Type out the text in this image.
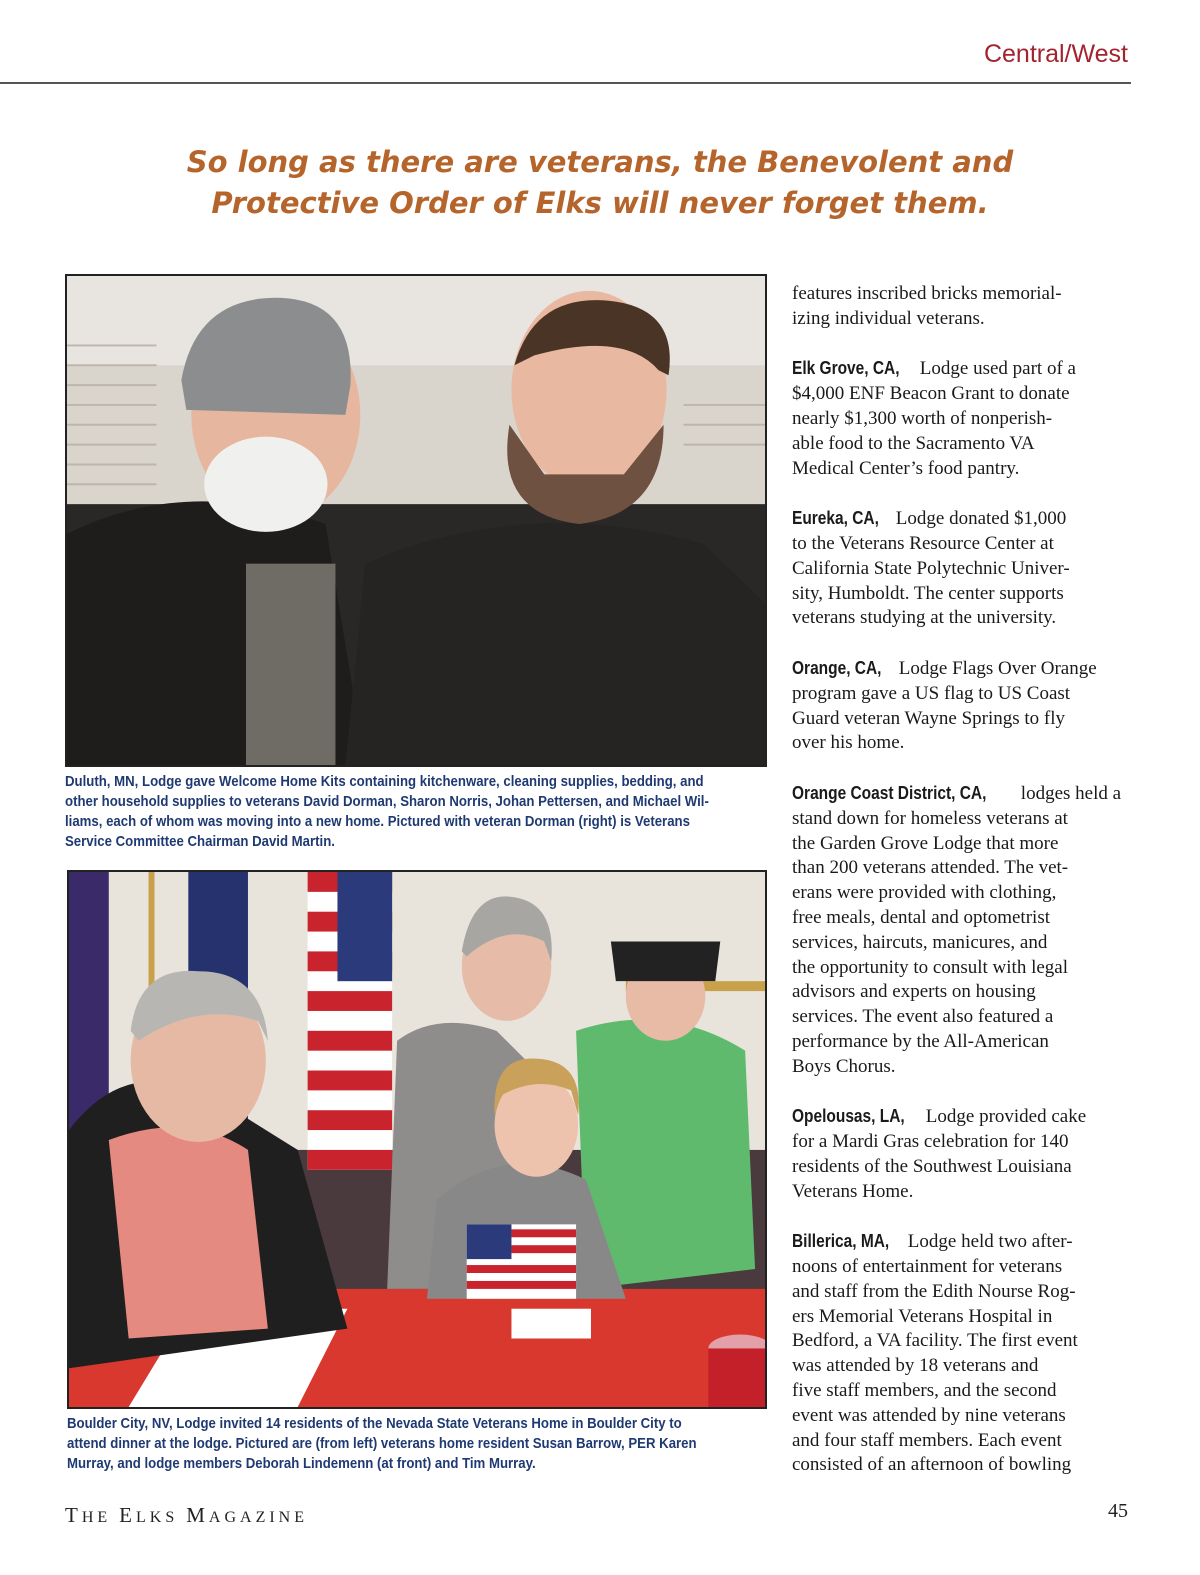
Central/West
So long as there are veterans, the Benevolent and
Protective Order of Elks will never forget them.
Duluth, MN, Lodge gave Welcome Home Kits containing kitchenware, cleaning supplies, bedding, and
other household supplies to veterans David Dorman, Sharon Norris, Johan Pettersen, and Michael Wil-
liams, each of whom was moving into a new home. Pictured with veteran Dorman (right) is Veterans
Service Committee Chairman David Martin.
Boulder City, NV, Lodge invited 14 residents of the Nevada State Veterans Home in Boulder City to
attend dinner at the lodge. Pictured are (from left) veterans home resident Susan Barrow, PER Karen
Murray, and lodge members Deborah Lindemenn (at front) and Tim Murray.
features inscribed bricks memorial-
izing individual veterans.
Elk Grove, CA, Lodge used part of a
$4,000 ENF Beacon Grant to donate
nearly $1,300 worth of nonperish-
able food to the Sacramento VA
Medical Center’s food pantry.
Eureka, CA, Lodge donated $1,000
to the Veterans Resource Center at
California State Polytechnic Univer-
sity, Humboldt. The center supports
veterans studying at the university.
Orange, CA, Lodge Flags Over Orange
program gave a US flag to US Coast
Guard veteran Wayne Springs to fly
over his home.
Orange Coast District, CA, lodges held a
stand down for homeless veterans at
the Garden Grove Lodge that more
than 200 veterans attended. The vet-
erans were provided with clothing,
free meals, dental and optometrist
services, haircuts, manicures, and
the opportunity to consult with legal
advisors and experts on housing
services. The event also featured a
performance by the All-American
Boys Chorus.
Opelousas, LA, Lodge provided cake
for a Mardi Gras celebration for 140
residents of the Southwest Louisiana
Veterans Home.
Billerica, MA, Lodge held two after-
noons of entertainment for veterans
and staff from the Edith Nourse Rog-
ers Memorial Veterans Hospital in
Bedford, a VA facility. The first event
was attended by 18 veterans and
five staff members, and the second
event was attended by nine veterans
and four staff members. Each event
consisted of an afternoon of bowling
THE ELKS MAGAZINE	45
